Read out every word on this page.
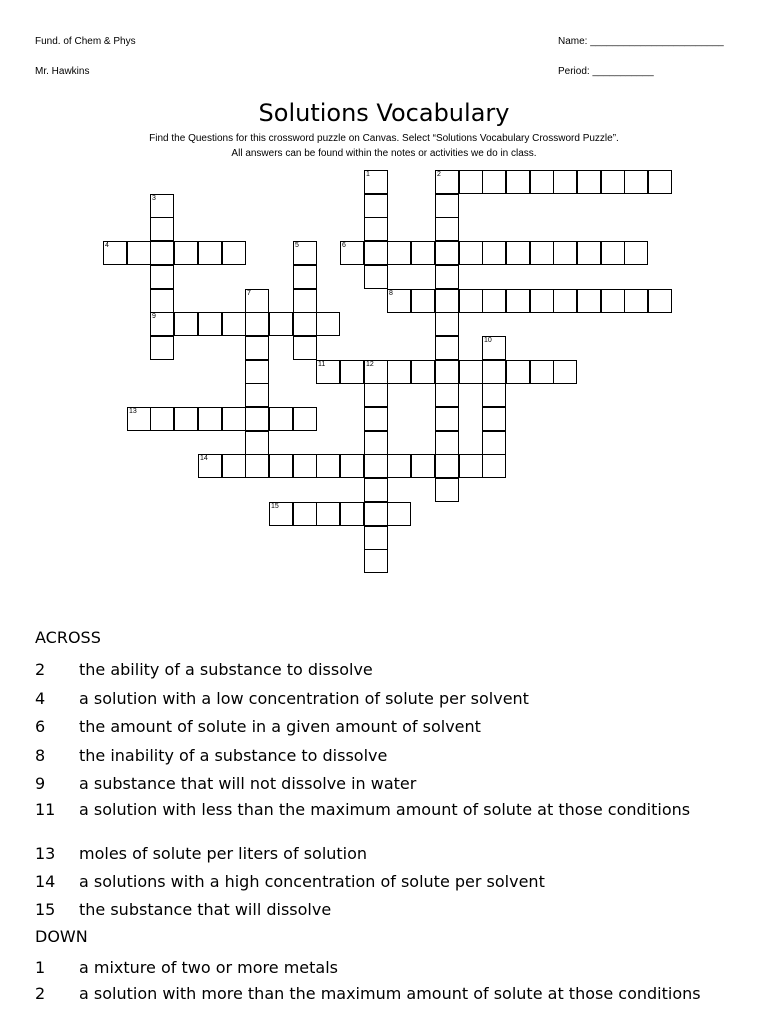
Fund. of Chem & Phys
Mr. Hawkins
Name: ________________________
Period: ___________
Solutions Vocabulary
Find the Questions for this crossword puzzle on Canvas. Select “Solutions Vocabulary Crossword Puzzle”.
All answers can be found within the notes or activities we do in class.
1	2
3
9
4	5	6
7	8
10
11	12
13
14
15
ACROSS
2	the ability of a substance to dissolve
4	a solution with a low concentration of solute per solvent
6	the amount of solute in a given amount of solvent
8	the inability of a substance to dissolve
9	a substance that will not dissolve in water
11	a solution with less than the maximum amount of solute at those conditions
13	moles of solute per liters of solution
14	a solutions with a high concentration of solute per solvent
15	the substance that will dissolve
DOWN
1	a mixture of two or more metals
2	a solution with more than the maximum amount of solute at those conditions
